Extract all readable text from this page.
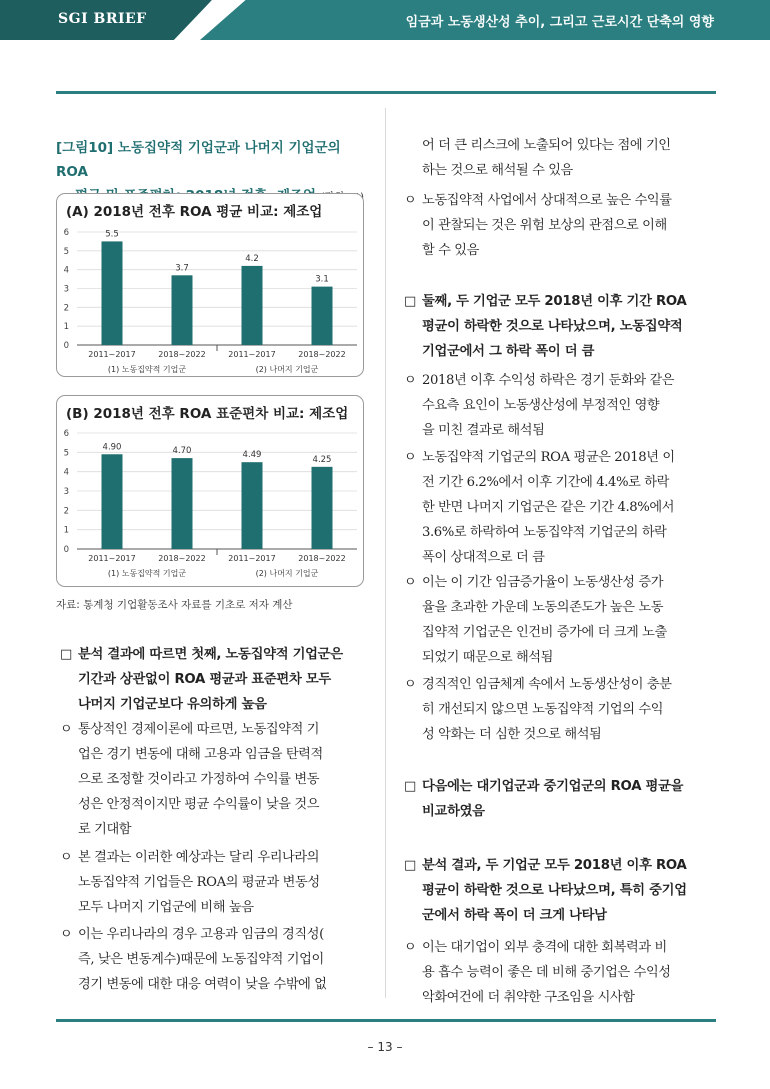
SGI BRIEF	임금과 노동생산성 추이, 그리고 근로시간 단축의 영향
[그림10] 노동집약적 기업군과 나머지 기업군의 ROA
(A) 2018년 전후 ROA 평균 비교: 제조업
0
1
2
3
4
5
6	5.5
2011~2017
3.7
2018~2022
4.2
2011~2017
3.1
2018~2022
(1) 노동집약적 기업군	(2) 나머지 기업군
(B) 2018년 전후 ROA 표준편차 비교: 제조업
0
1
2
3
4
5
6
4.90
2011~2017
4.70
2018~2022
4.49
2011~2017
4.25
2018~2022
(1) 노동집약적 기업군	(2) 나머지 기업군
자료: 통계청 기업활동조사 자료를 기초로 저자 계산
□ 분석 결과에 따르면 첫째, 노동집약적 기업군은
기간과 상관없이 ROA 평균과 표준편차 모두
나머지 기업군보다 유의하게 높음
ㅇ 통상적인 경제이론에 따르면, 노동집약적 기
업은 경기 변동에 대해 고용과 임금을 탄력적
으로 조정할 것이라고 가정하여 수익률 변동
성은 안정적이지만 평균 수익률이 낮을 것으
로 기대함
ㅇ 본 결과는 이러한 예상과는 달리 우리나라의
노동집약적 기업들은 ROA의 평균과 변동성
모두 나머지 기업군에 비해 높음
ㅇ 이는 우리나라의 경우 고용과 임금의 경직성(
즉, 낮은 변동계수)때문에 노동집약적 기업이
경기 변동에 대한 대응 여력이 낮을 수밖에 없
어 더 큰 리스크에 노출되어 있다는 점에 기인
하는 것으로 해석될 수 있음
ㅇ 노동집약적 사업에서 상대적으로 높은 수익률
이 관찰되는 것은 위험 보상의 관점으로 이해
할 수 있음
□ 둘째, 두 기업군 모두 2018년 이후 기간 ROA
평균이 하락한 것으로 나타났으며, 노동집약적
기업군에서 그 하락 폭이 더 큼
ㅇ 2018년 이후 수익성 하락은 경기 둔화와 같은
수요측 요인이 노동생산성에 부정적인 영향
을 미친 결과로 해석됨
ㅇ 노동집약적 기업군의 ROA 평균은 2018년 이
전 기간 6.2%에서 이후 기간에 4.4%로 하락
한 반면 나머지 기업군은 같은 기간 4.8%에서
3.6%로 하락하여 노동집약적 기업군의 하락
폭이 상대적으로 더 큼
ㅇ 이는 이 기간 임금증가율이 노동생산성 증가
율을 초과한 가운데 노동의존도가 높은 노동
집약적 기업군은 인건비 증가에 더 크게 노출
되었기 때문으로 해석됨
ㅇ 경직적인 임금체계 속에서 노동생산성이 충분
히 개선되지 않으면 노동집약적 기업의 수익
성 악화는 더 심한 것으로 해석됨
□ 다음에는 대기업군과 중기업군의 ROA 평균을
비교하였음
□ 분석 결과, 두 기업군 모두 2018년 이후 ROA
평균이 하락한 것으로 나타났으며, 특히 중기업
군에서 하락 폭이 더 크게 나타남
ㅇ 이는 대기업이 외부 충격에 대한 회복력과 비
용 흡수 능력이 좋은 데 비해 중기업은 수익성
악화여건에 더 취약한 구조임을 시사함
– 13 –
